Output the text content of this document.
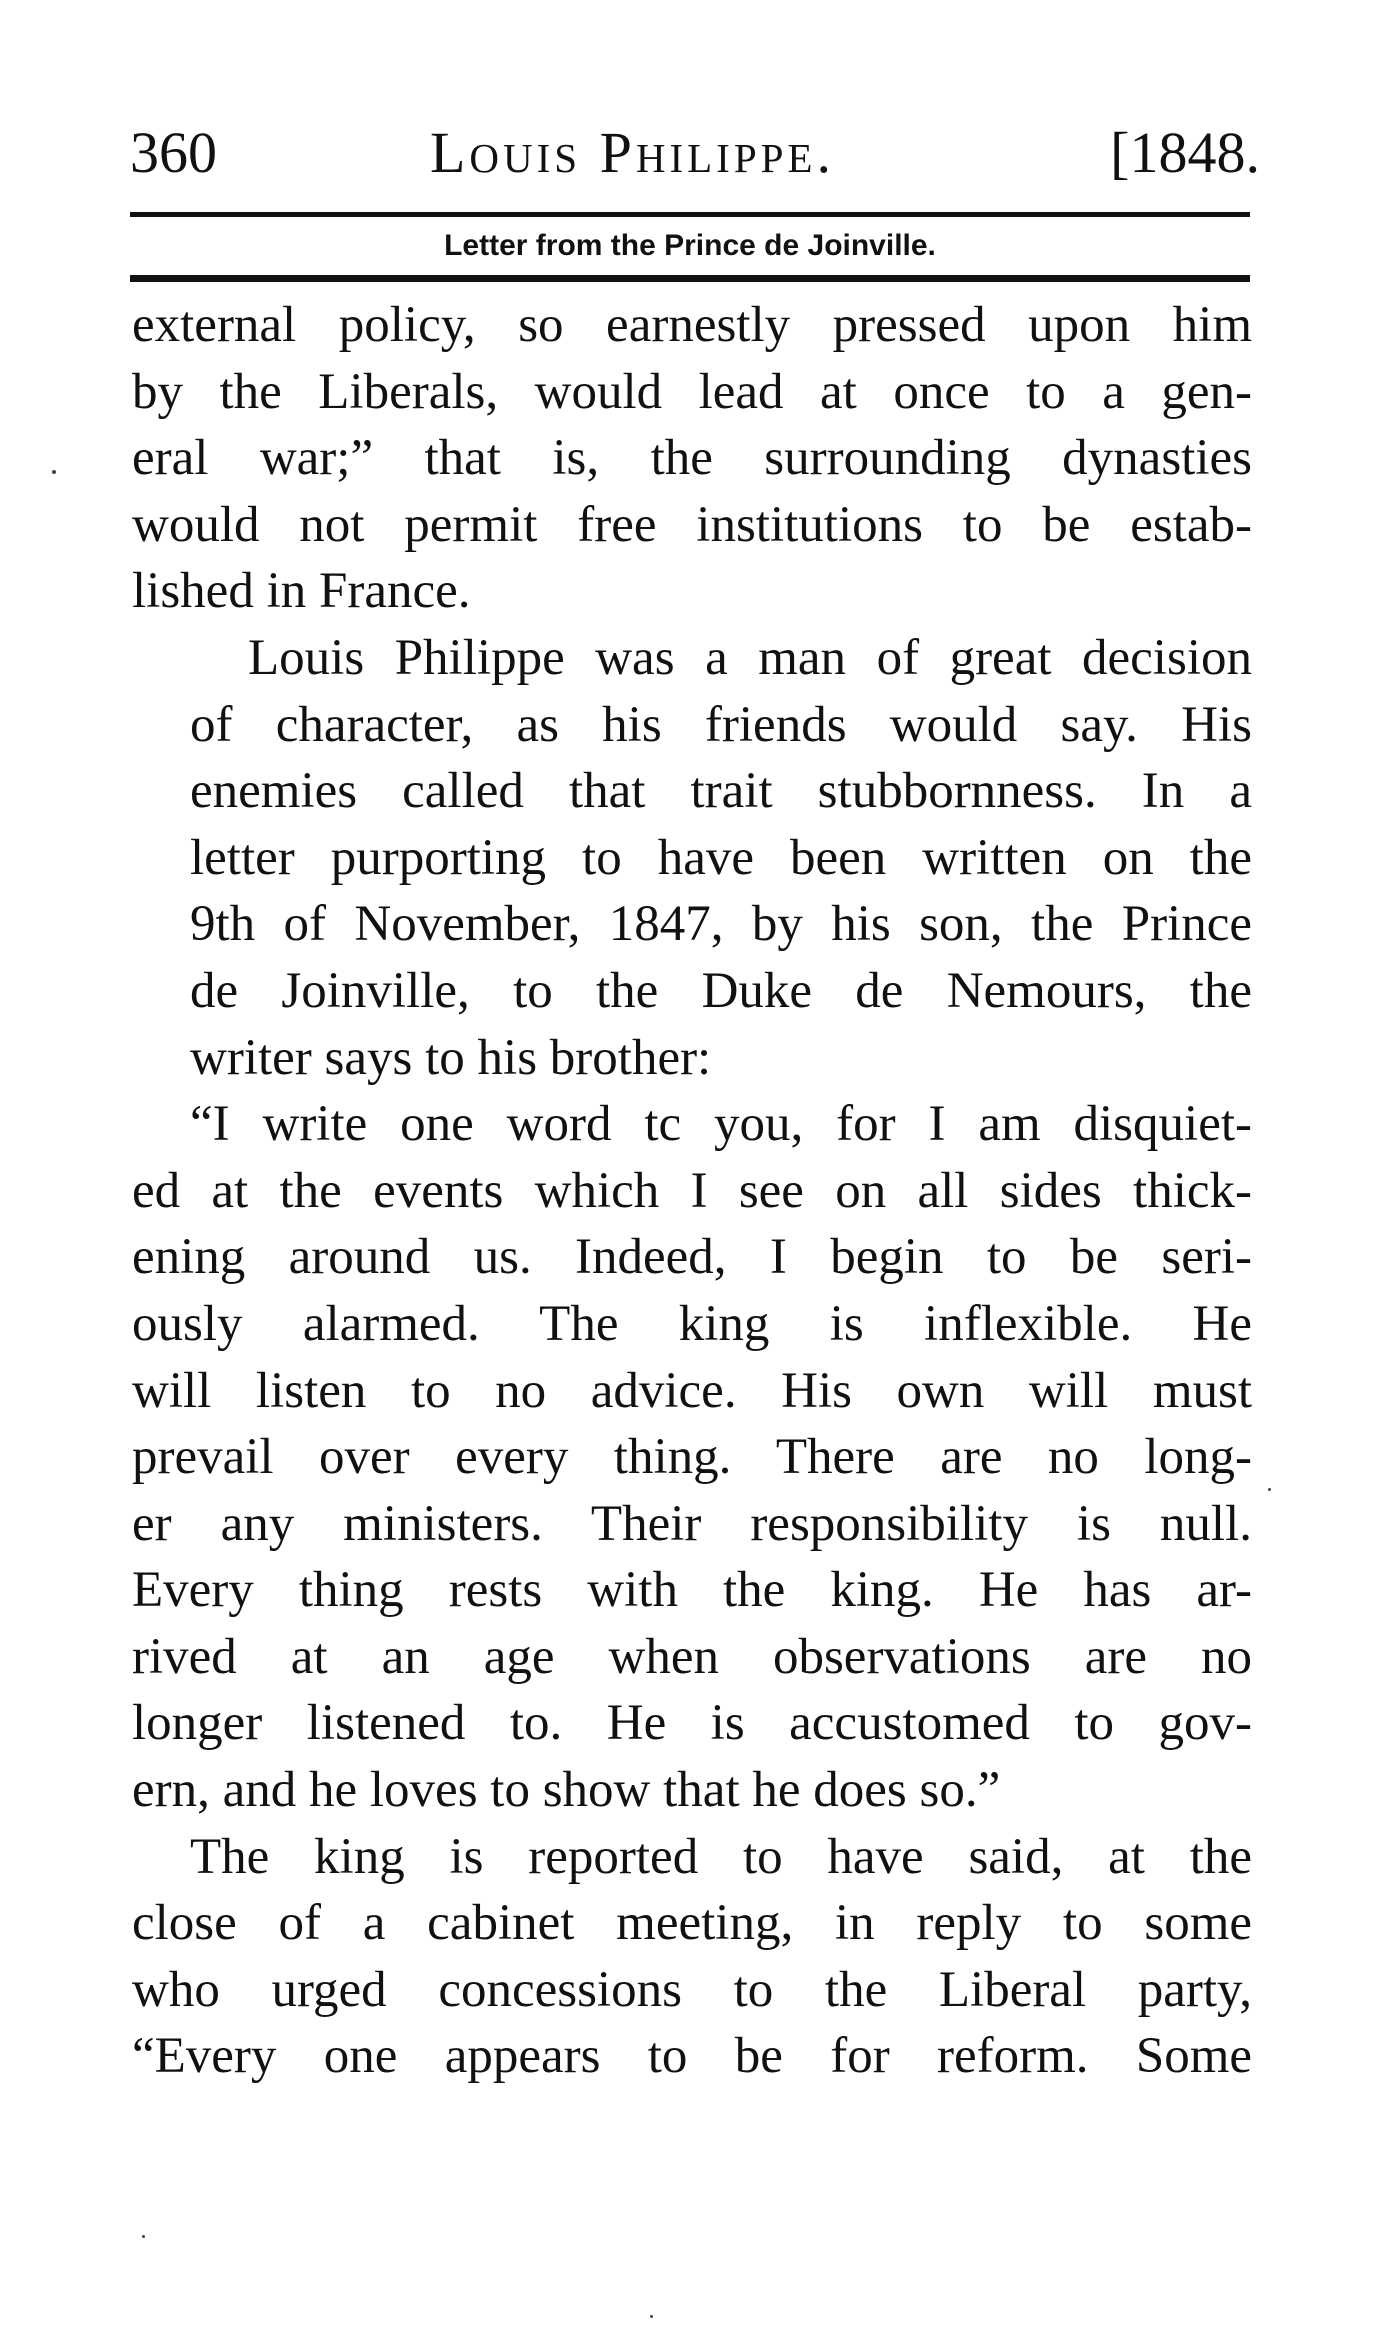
360	Louis Philippe.	[1848.
Letter from the Prince de Joinville.

external policy, so earnestly pressed upon him
by the Liberals, would lead at once to a gen-
eral war;” that is, the surrounding dynasties
would not permit free institutions to be estab-
lished in France.

Louis Philippe was a man of great decision
of character, as his friends would say. His
enemies called that trait stubbornness. In a
letter purporting to have been written on the
9th of November, 1847, by his son, the Prince
de Joinville, to the Duke de Nemours, the
writer says to his brother:

“I write one word tc you, for I am disquiet-
ed at the events which I see on all sides thick-
ening around us. Indeed, I begin to be seri-
ously alarmed. The king is inflexible. He
will listen to no advice. His own will must
prevail over every thing. There are no long-
er any ministers. Their responsibility is null.
Every thing rests with the king. He has ar-
rived at an age when observations are no
longer listened to. He is accustomed to gov-
ern, and he loves to show that he does so.”

The king is reported to have said, at the
close of a cabinet meeting, in reply to some
who urged concessions to the Liberal party,
“Every one appears to be for reform. Some
